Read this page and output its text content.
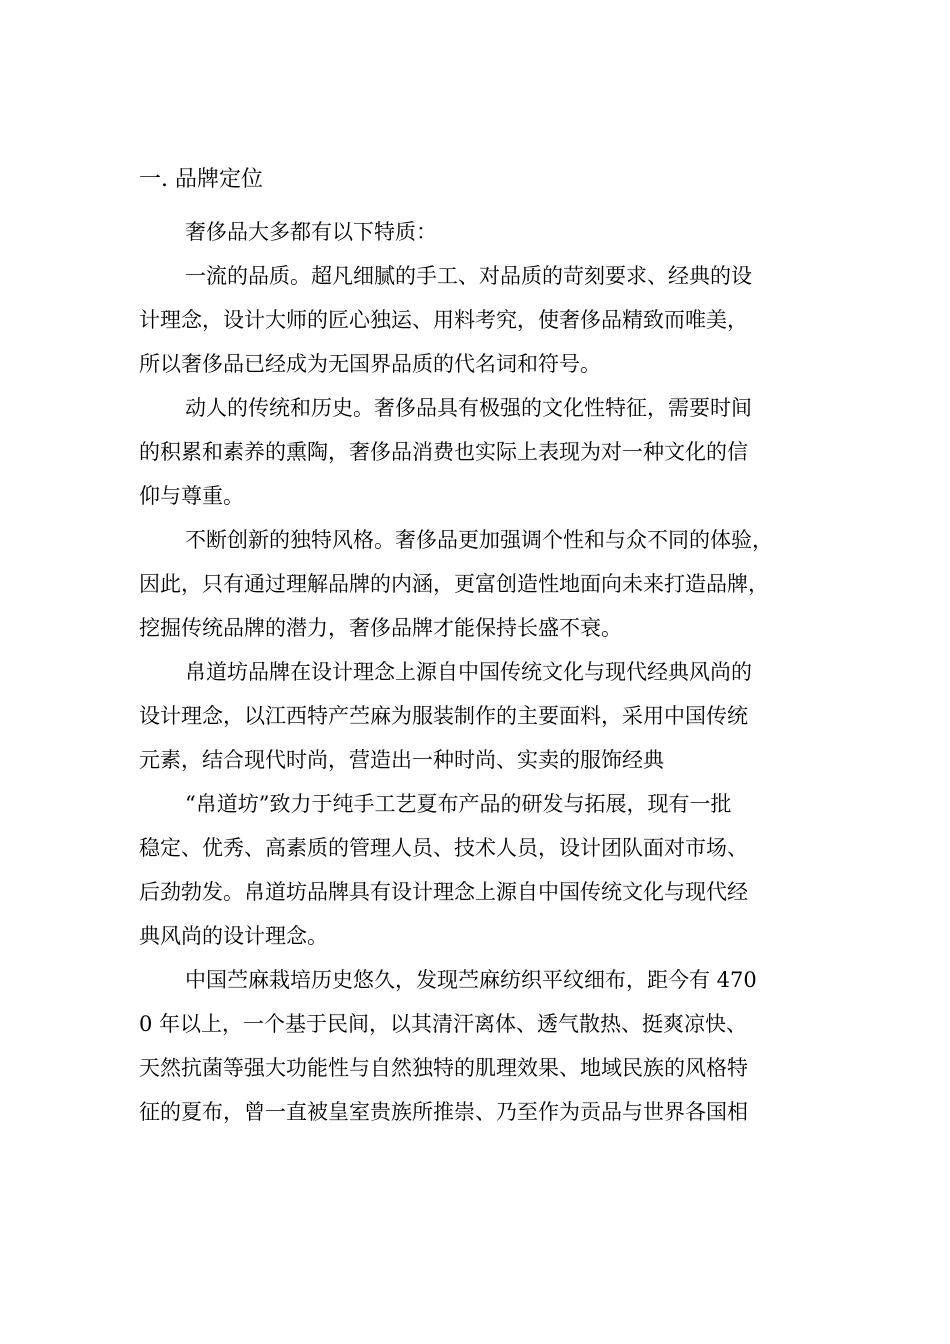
一. 品牌定位
奢侈品大多都有以下特质：
一流的品质。超凡细腻的手工、对品质的苛刻要求、经典的设
计理念，设计大师的匠心独运、用料考究，使奢侈品精致而唯美，
所以奢侈品已经成为无国界品质的代名词和符号。
动人的传统和历史。奢侈品具有极强的文化性特征，需要时间
的积累和素养的熏陶，奢侈品消费也实际上表现为对一种文化的信
仰与尊重。
不断创新的独特风格。奢侈品更加强调个性和与众不同的体验，
因此，只有通过理解品牌的内涵，更富创造性地面向未来打造品牌，
挖掘传统品牌的潜力，奢侈品牌才能保持长盛不衰。
帛道坊品牌在设计理念上源自中国传统文化与现代经典风尚的
设计理念，以江西特产苎麻为服装制作的主要面料，采用中国传统
元素，结合现代时尚，营造出一种时尚、实卖的服饰经典
“帛道坊”致力于纯手工艺夏布产品的研发与拓展，现有一批
稳定、优秀、高素质的管理人员、技术人员，设计团队面对市场、
后劲勃发。帛道坊品牌具有设计理念上源自中国传统文化与现代经
典风尚的设计理念。
中国苎麻栽培历史悠久，发现苎麻纺织平纹细布，距今有 470
0 年以上，一个基于民间，以其清汗离体、透气散热、挺爽凉快、
天然抗菌等强大功能性与自然独特的肌理效果、地域民族的风格特
征的夏布，曾一直被皇室贵族所推崇、乃至作为贡品与世界各国相
